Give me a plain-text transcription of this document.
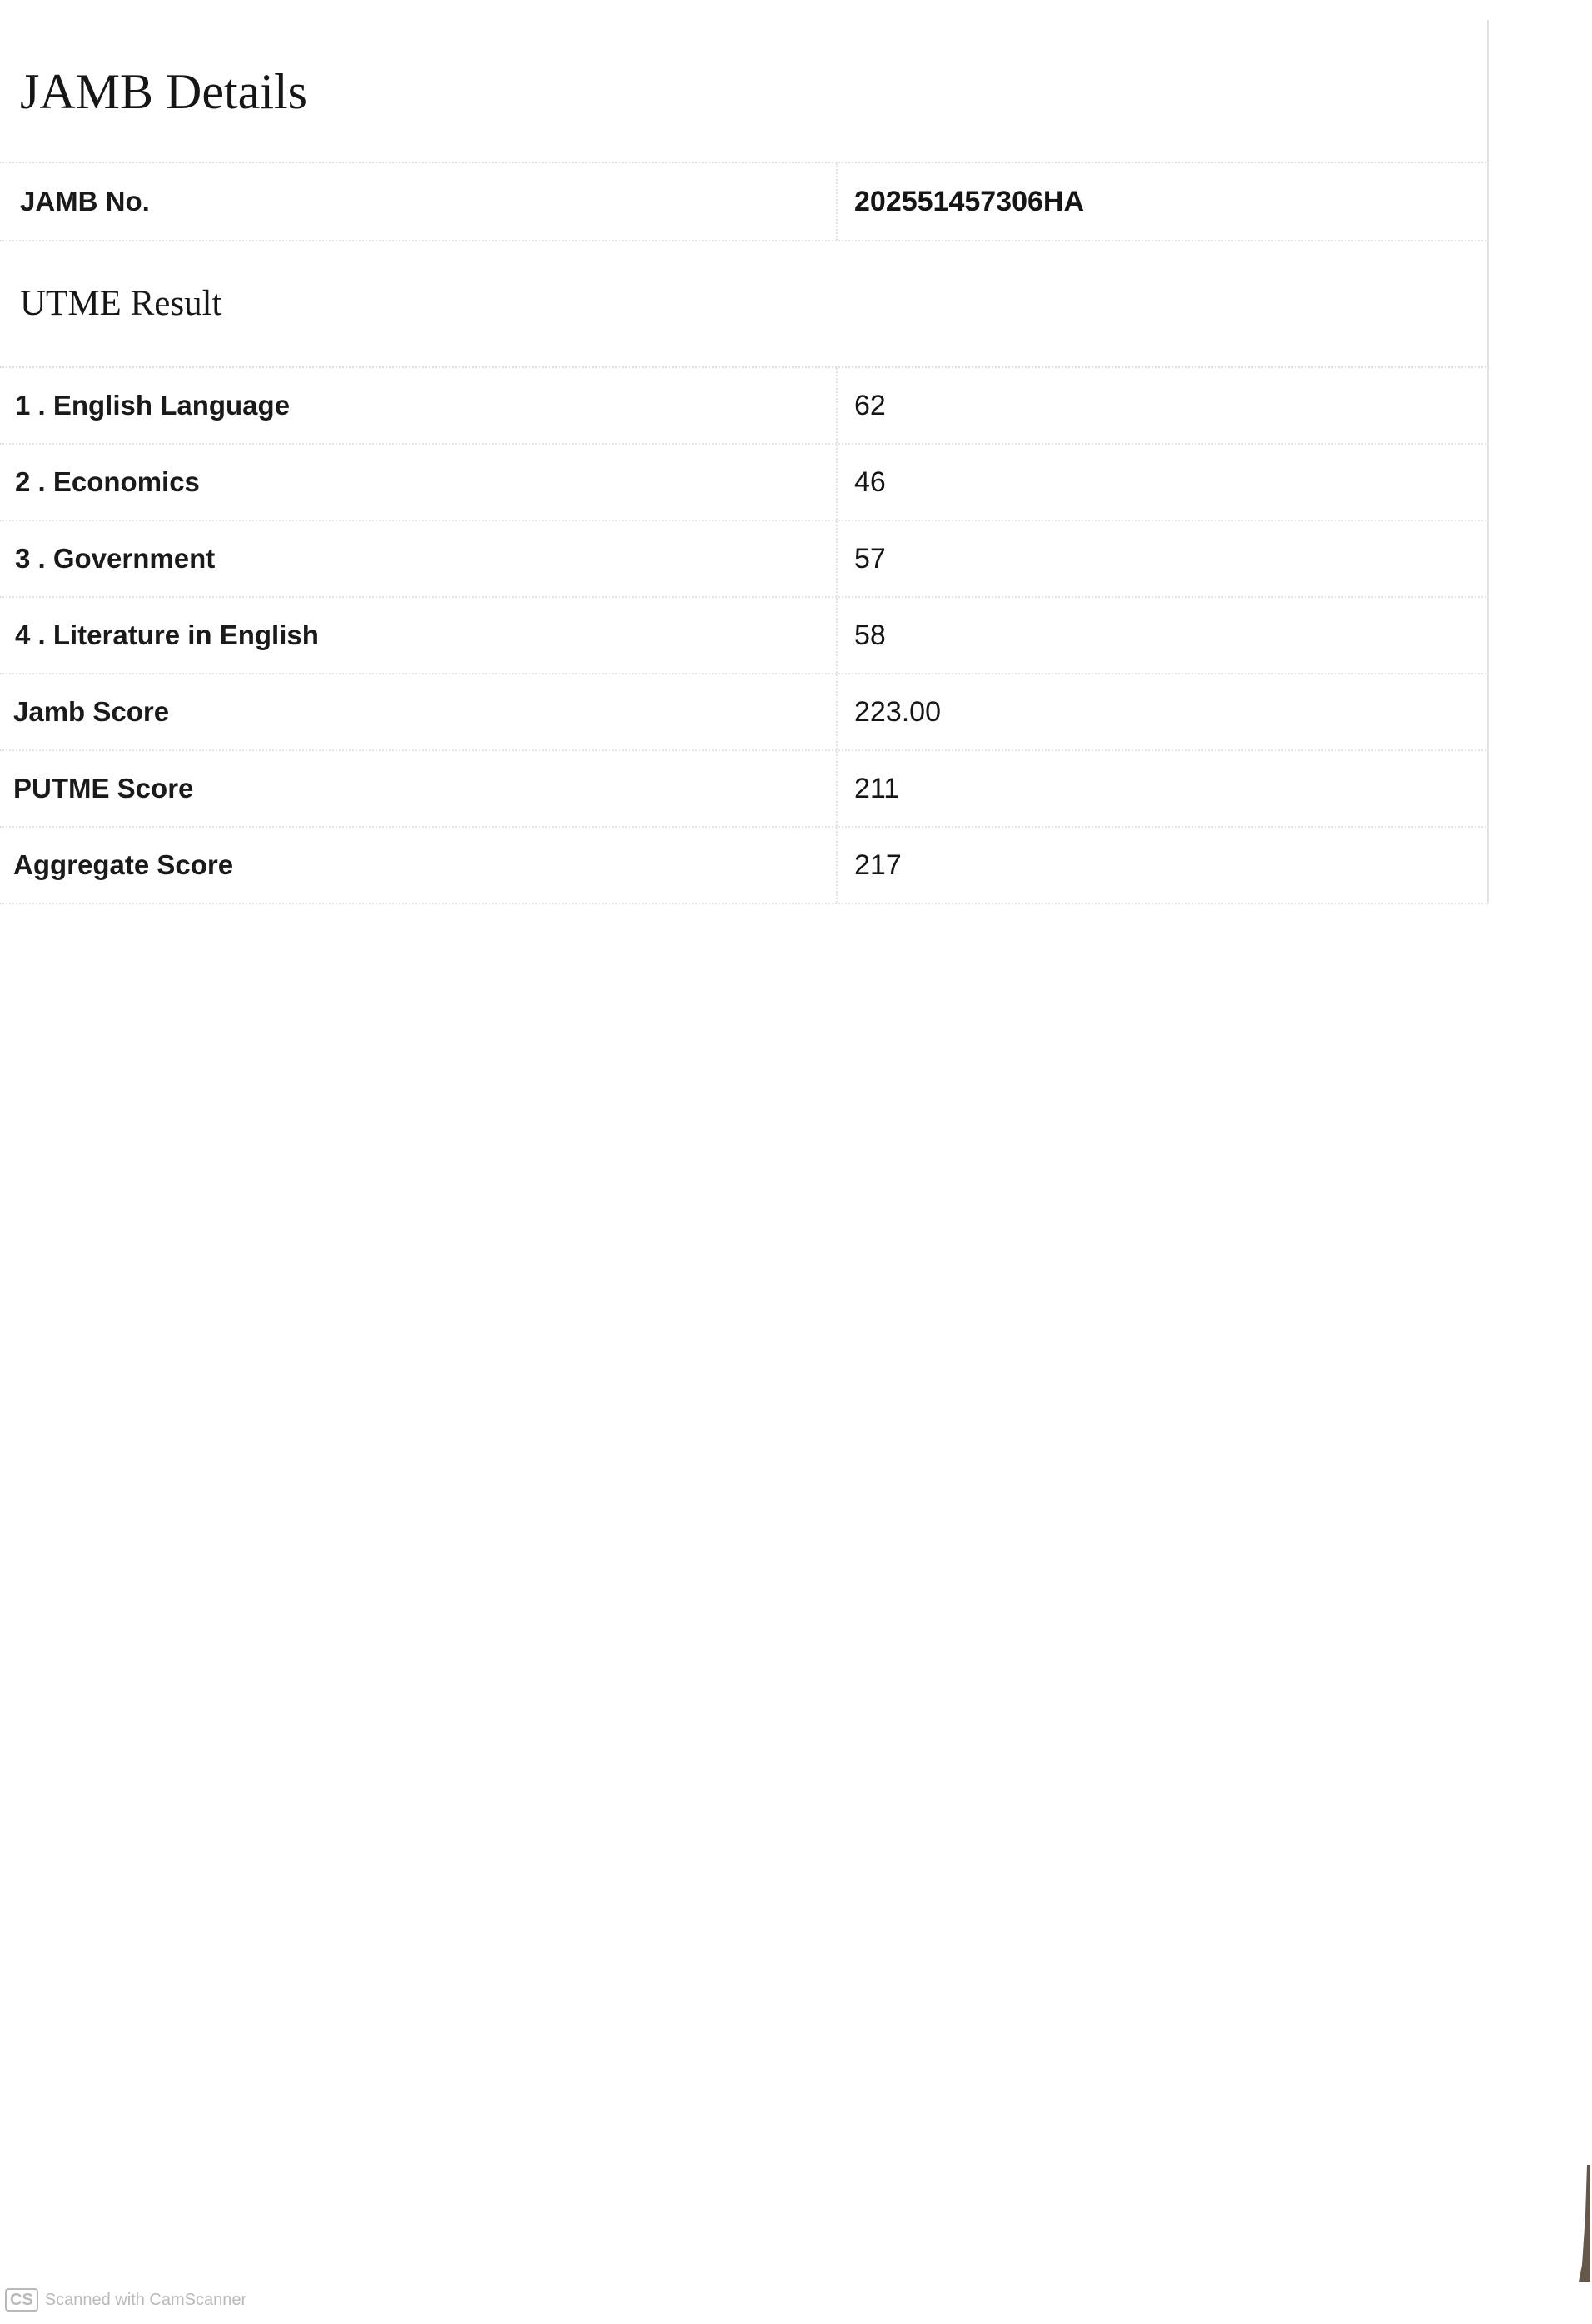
JAMB Details
JAMB No.	202551457306HA
UTME Result
1 . English Language	62
2 . Economics	46
3 . Government	57
4 . Literature in English	58
Jamb Score	223.00
PUTME Score	211
Aggregate Score	217
CS Scanned with CamScanner
